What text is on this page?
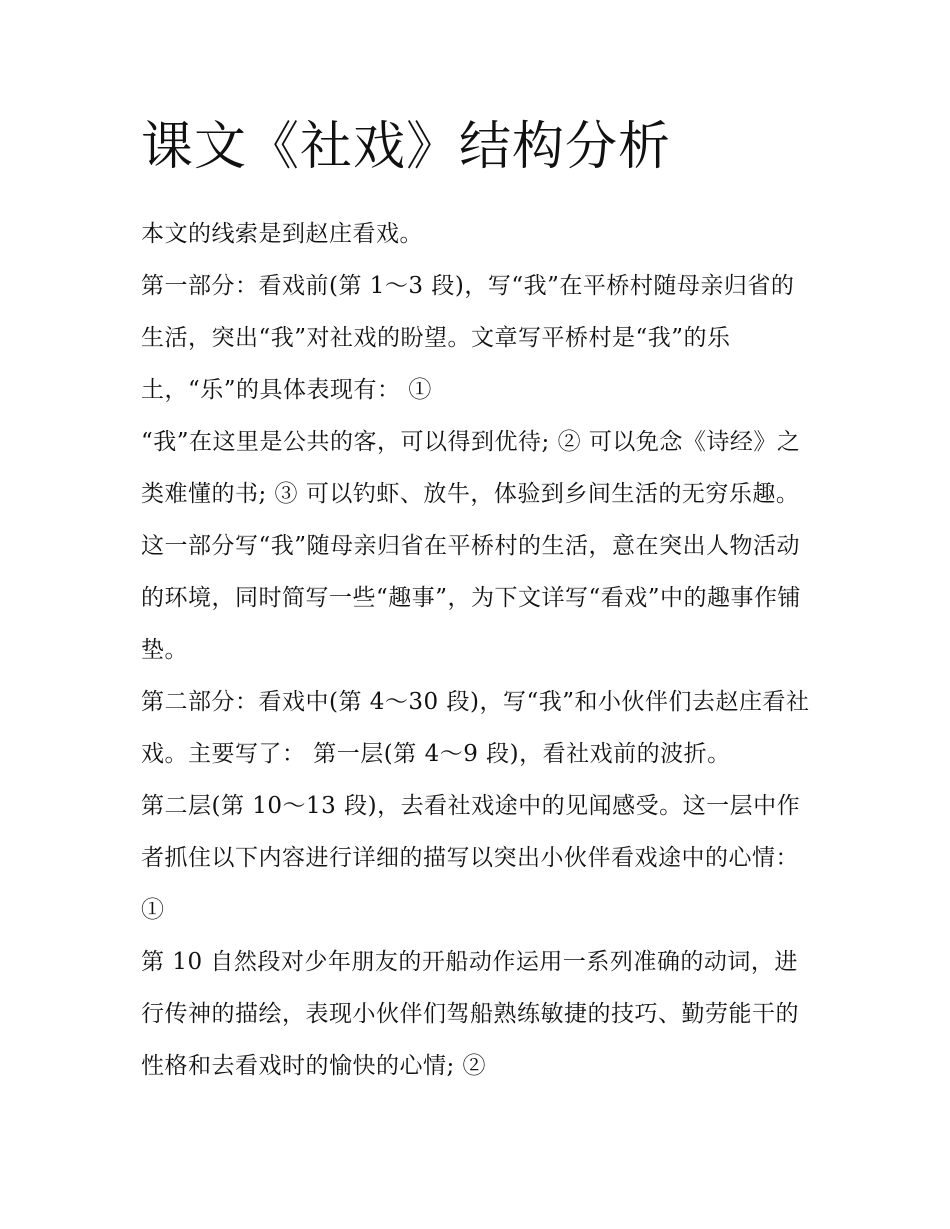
课文《社戏》结构分析

本文的线索是到赵庄看戏。

第一部分：看戏前(第 1～3 段)，写“我”在平桥村随母亲归省的生活，突出“我”对社戏的盼望。文章写平桥村是“我”的乐土，“乐”的具体表现有： ①

“我”在这里是公共的客，可以得到优待; ② 可以免念《诗经》之类难懂的书; ③ 可以钓虾、放牛，体验到乡间生活的无穷乐趣。

这一部分写“我”随母亲归省在平桥村的生活，意在突出人物活动的环境，同时简写一些“趣事”，为下文详写“看戏”中的趣事作铺垫。

第二部分：看戏中(第 4～30 段)，写“我”和小伙伴们去赵庄看社戏。主要写了： 第一层(第 4～9 段)，看社戏前的波折。

第二层(第 10～13 段)，去看社戏途中的见闻感受。这一层中作者抓住以下内容进行详细的描写以突出小伙伴看戏途中的心情： ①

第 10 自然段对少年朋友的开船动作运用一系列准确的动词，进行传神的描绘，表现小伙伴们驾船熟练敏捷的技巧、勤劳能干的性格和去看戏时的愉快的心情; ②
